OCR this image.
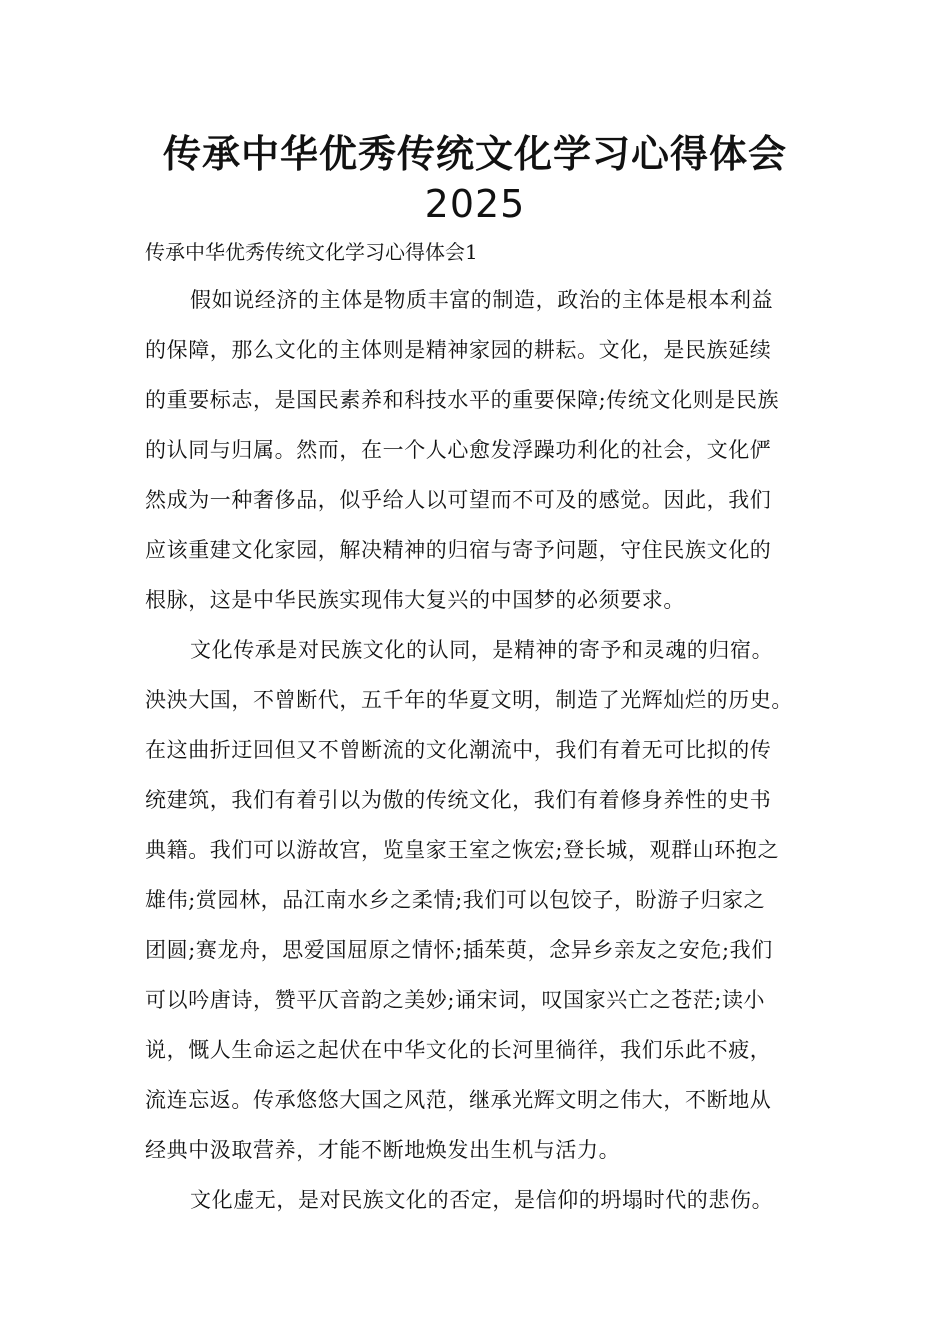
传承中华优秀传统文化学习心得体会
2025
传承中华优秀传统文化学习心得体会1
假如说经济的主体是物质丰富的制造，政治的主体是根本利益
的保障，那么文化的主体则是精神家园的耕耘。文化，是民族延续
的重要标志，是国民素养和科技水平的重要保障;传统文化则是民族
的认同与归属。然而，在一个人心愈发浮躁功利化的社会，文化俨
然成为一种奢侈品，似乎给人以可望而不可及的感觉。因此，我们
应该重建文化家园，解决精神的归宿与寄予问题，守住民族文化的
根脉，这是中华民族实现伟大复兴的中国梦的必须要求。
文化传承是对民族文化的认同，是精神的寄予和灵魂的归宿。
泱泱大国，不曾断代，五千年的华夏文明，制造了光辉灿烂的历史。
在这曲折迂回但又不曾断流的文化潮流中，我们有着无可比拟的传
统建筑，我们有着引以为傲的传统文化，我们有着修身养性的史书
典籍。我们可以游故宫，览皇家王室之恢宏;登长城，观群山环抱之
雄伟;赏园林，品江南水乡之柔情;我们可以包饺子，盼游子归家之
团圆;赛龙舟，思爱国屈原之情怀;插茱萸，念异乡亲友之安危;我们
可以吟唐诗，赞平仄音韵之美妙;诵宋词，叹国家兴亡之苍茫;读小
说，慨人生命运之起伏在中华文化的长河里徜徉，我们乐此不疲，
流连忘返。传承悠悠大国之风范，继承光辉文明之伟大，不断地从
经典中汲取营养，才能不断地焕发出生机与活力。
文化虚无，是对民族文化的否定，是信仰的坍塌时代的悲伤。
